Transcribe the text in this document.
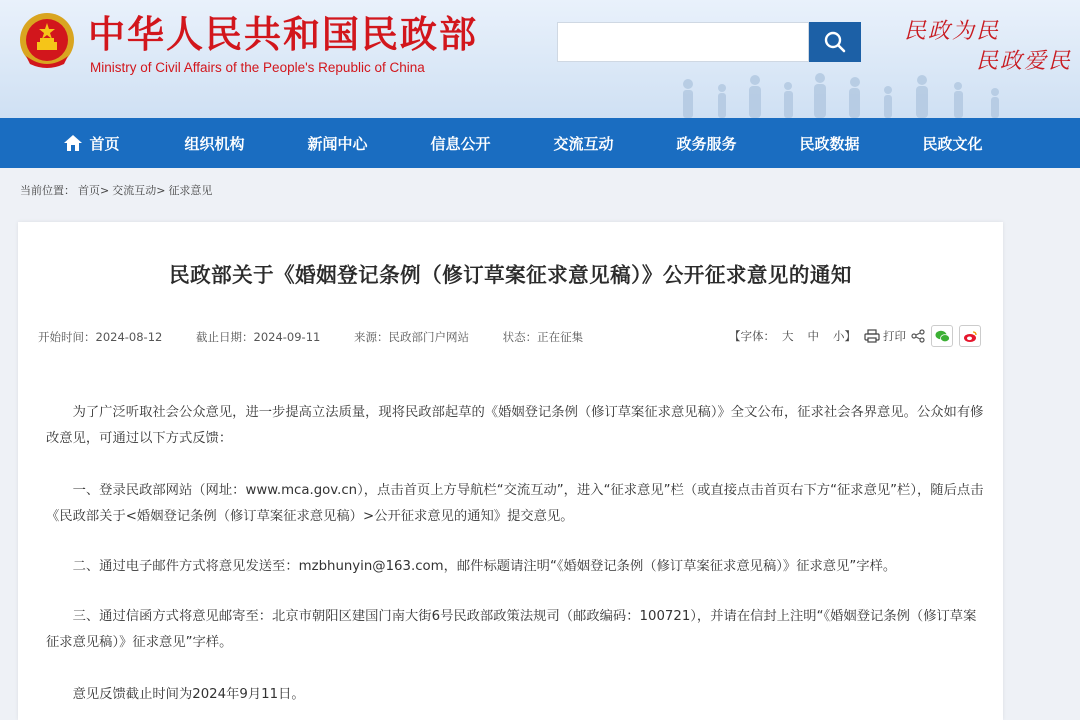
中华人民共和国民政部
Ministry of Civil Affairs of the People's Republic of China
民政为民
民政爱民
首页	组织机构	新闻中心	信息公开	交流互动	政务服务	民政数据	民政文化
当前位置： 首页> 交流互动> 征求意见
民政部关于《婚姻登记条例（修订草案征求意见稿）》公开征求意见的通知
开始时间：2024-08-12	截止日期：2024-09-11	来源：民政部门户网站	状态：正在征集	【字体： 大 中 小】 打印

为了广泛听取社会公众意见，进一步提高立法质量，现将民政部起草的《婚姻登记条例（修订草案征求意见稿）》全文公布，征求社会各界意见。公众如有修改意见，可通过以下方式反馈：

一、登录民政部网站（网址：www.mca.gov.cn），点击首页上方导航栏“交流互动”，进入“征求意见”栏（或直接点击首页右下方“征求意见”栏），随后点击《民政部关于<婚姻登记条例（修订草案征求意见稿）>公开征求意见的通知》提交意见。

二、通过电子邮件方式将意见发送至：mzbhunyin@163.com，邮件标题请注明“《婚姻登记条例（修订草案征求意见稿）》征求意见”字样。

三、通过信函方式将意见邮寄至：北京市朝阳区建国门南大街6号民政部政策法规司（邮政编码：100721），并请在信封上注明“《婚姻登记条例（修订草案征求意见稿）》征求意见”字样。

意见反馈截止时间为2024年9月11日。
